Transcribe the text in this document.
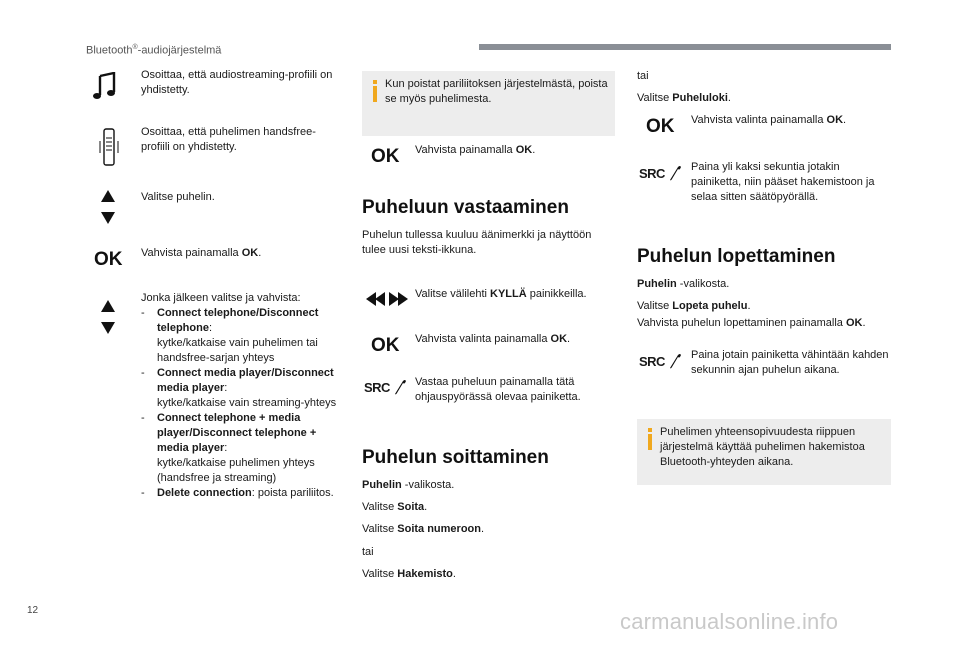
Bluetooth®-audiojärjestelmä
Osoittaa, että audiostreaming-profiili on yhdistetty.
Osoittaa, että puhelimen handsfree-profiili on yhdistetty.
Valitse puhelin.
OK Vahvista painamalla OK.
Jonka jälkeen valitse ja vahvista:
- Connect telephone/Disconnect telephone:
kytke/katkaise vain puhelimen tai handsfree-sarjan yhteys
- Connect media player/Disconnect media player:
kytke/katkaise vain streaming-yhteys
- Connect telephone + media player/Disconnect telephone + media player:
kytke/katkaise puhelimen yhteys (handsfree ja streaming)
- Delete connection: poista pariliitos.
Kun poistat pariliitoksen järjestelmästä, poista se myös puhelimesta.
OK Vahvista painamalla OK.
Puheluun vastaaminen
Puhelun tullessa kuuluu äänimerkki ja näyttöön tulee uusi teksti-ikkuna.
Valitse välilehti KYLLÄ painikkeilla.
OK Vahvista valinta painamalla OK.
SRC	Vastaa puheluun painamalla tätä ohjauspyörässä olevaa painiketta.
Puhelun soittaminen
Puhelin -valikosta.
Valitse Soita.
Valitse Soita numeroon.
tai
Valitse Hakemisto.
tai
Valitse Puheluloki.
OK Vahvista valinta painamalla OK.
SRC	Paina yli kaksi sekuntia jotakin painiketta, niin pääset hakemistoon ja selaa sitten säätöpyörällä.
Puhelun lopettaminen
Puhelin -valikosta.
Valitse Lopeta puhelu.
Vahvista puhelun lopettaminen painamalla OK.
SRC	Paina jotain painiketta vähintään kahden sekunnin ajan puhelun aikana.
Puhelimen yhteensopivuudesta riippuen järjestelmä käyttää puhelimen hakemistoa Bluetooth-yhteyden aikana.
12	carmanualsonline.info
